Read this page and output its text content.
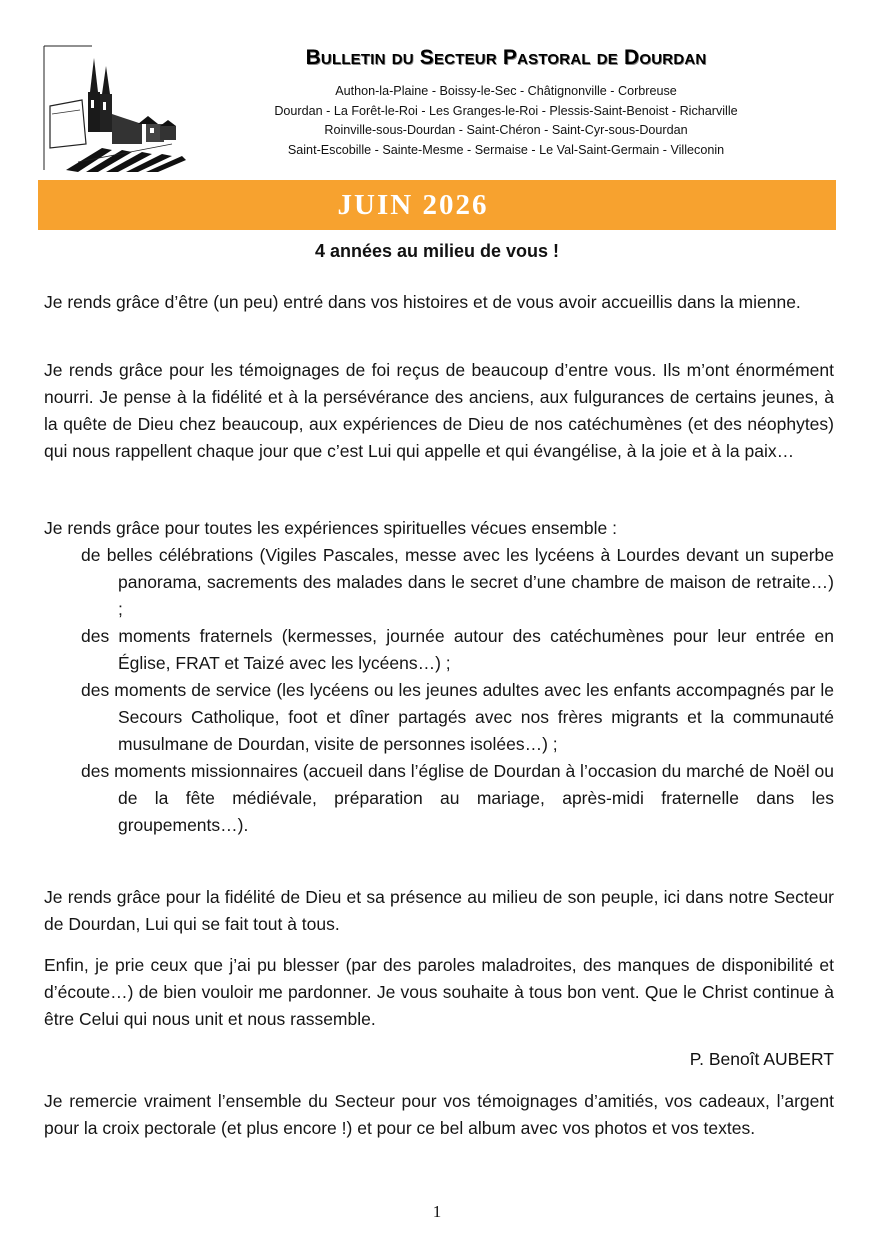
Bulletin du Secteur Pastoral de Dourdan
Authon-la-Plaine - Boissy-le-Sec - Châtignonville - Corbreuse
Dourdan - La Forêt-le-Roi - Les Granges-le-Roi - Plessis-Saint-Benoist - Richarville
Roinville-sous-Dourdan - Saint-Chéron - Saint-Cyr-sous-Dourdan
Saint-Escobille - Sainte-Mesme - Sermaise - Le Val-Saint-Germain - Villeconin
JUIN 2026
4 années au milieu de vous !

Je rends grâce d’être (un peu) entré dans vos histoires et de vous avoir accueillis dans la mienne.

Je rends grâce pour les témoignages de foi reçus de beaucoup d’entre vous. Ils m’ont énormément nourri. Je pense à la fidélité et à la persévérance des anciens, aux fulgurances de certains jeunes, à la quête de Dieu chez beaucoup, aux expériences de Dieu de nos catéchumènes (et des néophytes) qui nous rappellent chaque jour que c’est Lui qui appelle et qui évangélise, à la joie et à la paix…

Je rends grâce pour toutes les expériences spirituelles vécues ensemble :

de belles célébrations (Vigiles Pascales, messe avec les lycéens à Lourdes devant un superbe panorama, sacrements des malades dans le secret d’une chambre de maison de retraite…) ;
des moments fraternels (kermesses, journée autour des catéchumènes pour leur entrée en Église, FRAT et Taizé avec les lycéens…) ;
des moments de service (les lycéens ou les jeunes adultes avec les enfants accompagnés par le Secours Catholique, foot et dîner partagés avec nos frères migrants et la communauté musulmane de Dourdan, visite de personnes isolées…) ;
des moments missionnaires (accueil dans l’église de Dourdan à l’occasion du marché de Noël ou de la fête médiévale, préparation au mariage, après-midi fraternelle dans les groupements…).

Je rends grâce pour la fidélité de Dieu et sa présence au milieu de son peuple, ici dans notre Secteur de Dourdan, Lui qui se fait tout à tous.

Enfin, je prie ceux que j’ai pu blesser (par des paroles maladroites, des manques de disponibilité et d’écoute…) de bien vouloir me pardonner. Je vous souhaite à tous bon vent. Que le Christ continue à être Celui qui nous unit et nous rassemble.

P. Benoît AUBERT

Je remercie vraiment l’ensemble du Secteur pour vos témoignages d’amitiés, vos cadeaux, l’argent pour la croix pectorale (et plus encore !) et pour ce bel album avec vos photos et vos textes.

1
